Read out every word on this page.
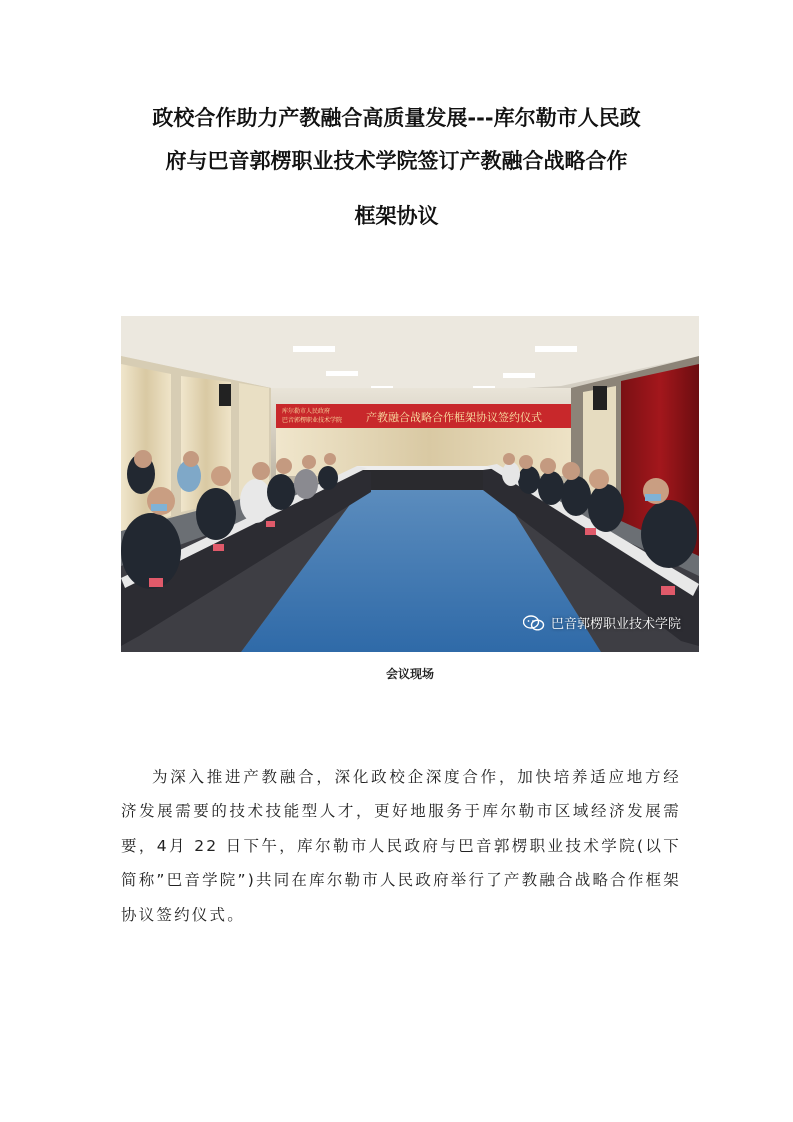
政校合作助力产教融合高质量发展---库尔勒市人民政
府与巴音郭楞职业技术学院签订产教融合战略合作
框架协议
库尔勒市人民政府
巴音郭楞职业技术学院 产教融合战略合作框架协议签约仪式
巴音郭楞职业技术学院
会议现场

为深入推进产教融合，深化政校企深度合作，加快培养适应地方经济发展需要的技术技能型人才，更好地服务于库尔勒市区域经济发展需要，4月 22 日下午，库尔勒市人民政府与巴音郭楞职业技术学院(以下简称”巴音学院”)共同在库尔勒市人民政府举行了产教融合战略合作框架协议签约仪式。
